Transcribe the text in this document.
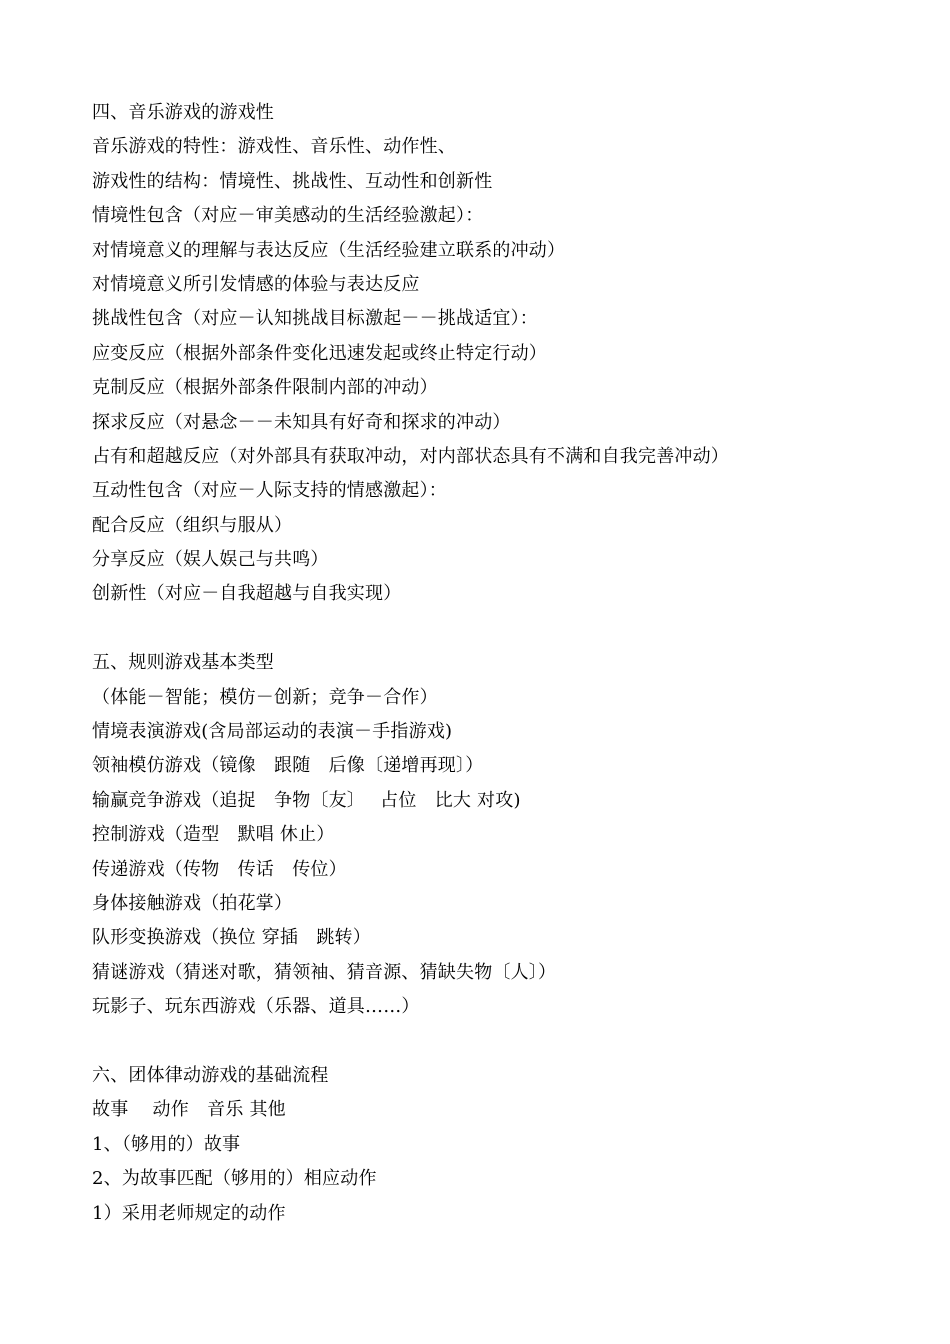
四、音乐游戏的游戏性
音乐游戏的特性：游戏性、音乐性、动作性、
游戏性的结构：情境性、挑战性、互动性和创新性
情境性包含（对应－审美感动的生活经验激起）：
对情境意义的理解与表达反应（生活经验建立联系的冲动）
对情境意义所引发情感的体验与表达反应
挑战性包含（对应－认知挑战目标激起－－挑战适宜）：
应变反应（根据外部条件变化迅速发起或终止特定行动）
克制反应（根据外部条件限制内部的冲动）
探求反应（对悬念－－未知具有好奇和探求的冲动）
占有和超越反应（对外部具有获取冲动，对内部状态具有不满和自我完善冲动）
互动性包含（对应－人际支持的情感激起）：
配合反应（组织与服从）
分享反应（娱人娱己与共鸣）
创新性（对应－自我超越与自我实现）
五、规则游戏基本类型
（体能－智能；模仿－创新；竞争－合作）
情境表演游戏(含局部运动的表演－手指游戏)
领袖模仿游戏（镜像　跟随　后像〔递增再现〕）
输赢竞争游戏（追捉　争物〔友〕　 占位　比大 对攻)
控制游戏（造型　默唱 休止）
传递游戏（传物　传话　传位）
身体接触游戏（拍花掌）
队形变换游戏（换位 穿插　跳转）
猜谜游戏（猜迷对歌，猜领袖、猜音源、猜缺失物〔人〕）
玩影子、玩东西游戏（乐器、道具……）
六、团体律动游戏的基础流程
故事　 动作　音乐 其他
1、（够用的）故事
2、为故事匹配（够用的）相应动作
1）采用老师规定的动作
